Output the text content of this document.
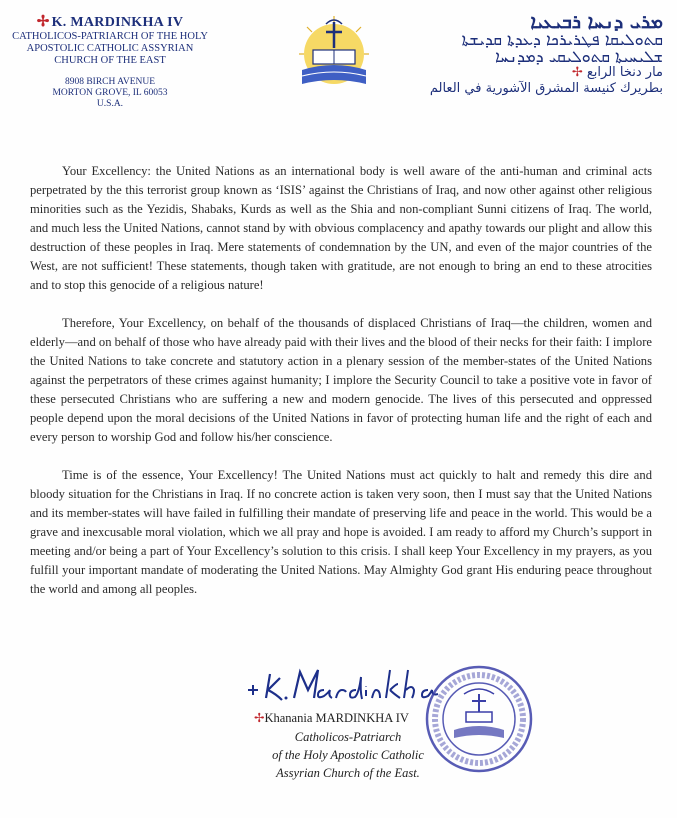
✢ K. MARDINKHA IV
CATHOLICOS-PATRIARCH OF THE HOLY
APOSTOLIC CATHOLIC ASSYRIAN
CHURCH OF THE EAST
8908 BIRCH AVENUE
MORTON GROVE, IL 60053
U.S.A.
ܡܪܝ ܕܢܚܐ ܪܒܝܥܝܐ
ܩܬܘܠܝܩܐ ܦܛܪܝܪܟܐ ܕܥܕܬܐ ܩܕܝܫܬܐ
ܫܠܝܚܝܬܐ ܩܬܘܠܝܩܝ ܕܡܕܢܚܐ
مار دنخا الرابع ✢
بطريرك كنيسة المشرق الآشورية في العالم

Your Excellency: the United Nations as an international body is well aware of the anti-human and criminal acts perpetrated by the this terrorist group known as ‘ISIS’ against the Christians of Iraq, and now other against other religious minorities such as the Yezidis, Shabaks, Kurds as well as the Shia and non-compliant Sunni citizens of Iraq. The world, and much less the United Nations, cannot stand by with obvious complacency and apathy towards our plight and allow this destruction of these peoples in Iraq. Mere statements of condemnation by the UN, and even of the major countries of the West, are not sufficient! These statements, though taken with gratitude, are not enough to bring an end to these atrocities and to stop this genocide of a religious nature!

Therefore, Your Excellency, on behalf of the thousands of displaced Christians of Iraq—the children, women and elderly—and on behalf of those who have already paid with their lives and the blood of their necks for their faith: I implore the United Nations to take concrete and statutory action in a plenary session of the member-states of the United Nations against the perpetrators of these crimes against humanity; I implore the Security Council to take a positive vote in favor of these persecuted Christians who are suffering a new and modern genocide. The lives of this persecuted and oppressed people depend upon the moral decisions of the United Nations in favor of protecting human life and the right of each and every person to worship God and follow his/her conscience.

Time is of the essence, Your Excellency! The United Nations must act quickly to halt and remedy this dire and bloody situation for the Christians in Iraq. If no concrete action is taken very soon, then I must say that the United Nations and its member-states will have failed in fulfilling their mandate of preserving life and peace in the world. This would be a grave and inexcusable moral violation, which we all pray and hope is avoided. I am ready to afford my Church’s support in meeting and/or being a part of Your Excellency’s solution to this crisis. I shall keep Your Excellency in my prayers, as you fulfill your important mandate of moderating the United Nations. May Almighty God grant His enduring peace throughout the world and among all peoples.

✢Khanania MARDINKHA IV
Catholicos-Patriarch
of the Holy Apostolic Catholic
Assyrian Church of the East.
